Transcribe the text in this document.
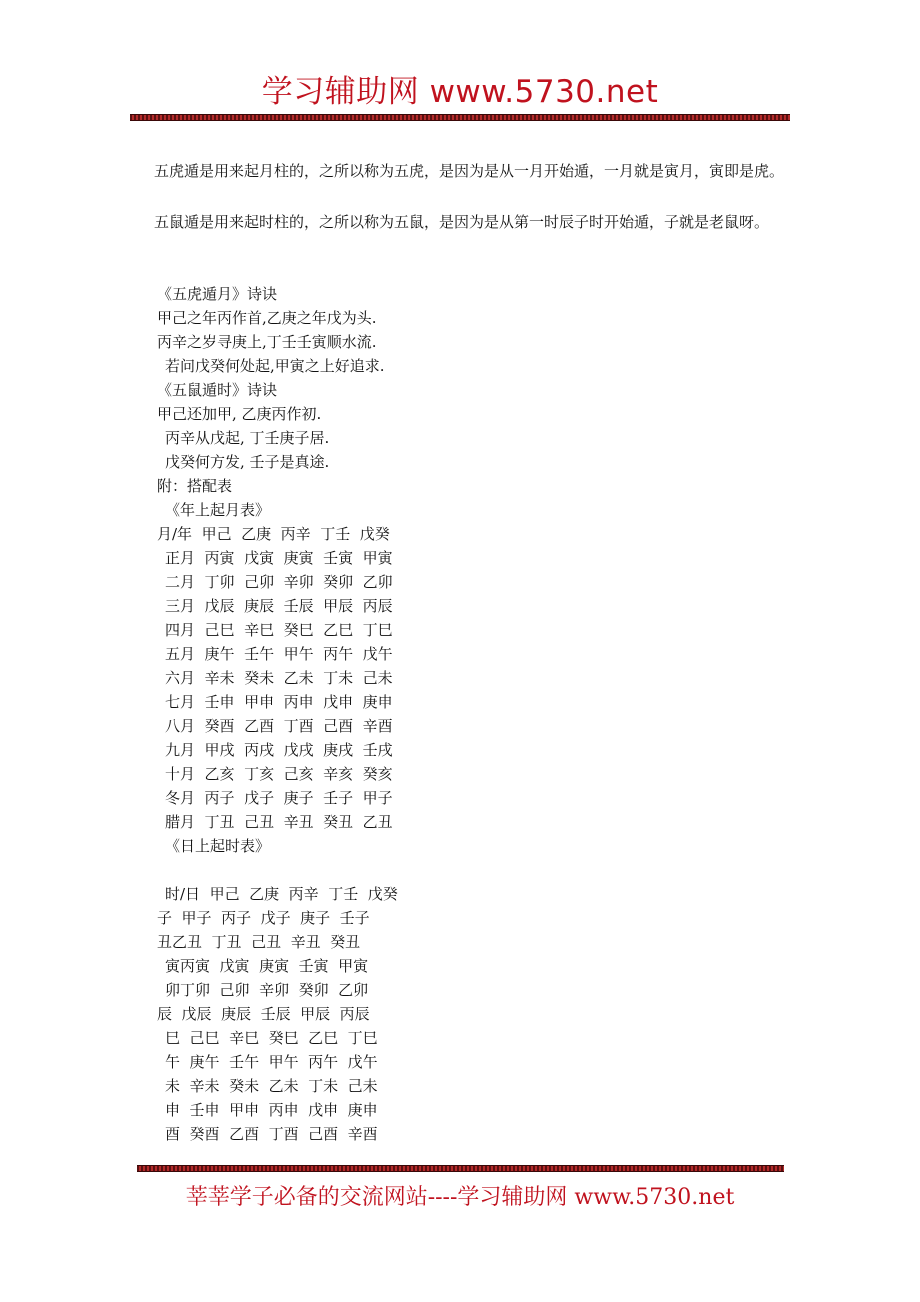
学习辅助网 www.5730.net

五虎遁是用来起月柱的，之所以称为五虎，是因为是从一月开始遁，一月就是寅月，寅即是虎。

五鼠遁是用来起时柱的，之所以称为五鼠，是因为是从第一时辰子时开始遁，子就是老鼠呀。

《五虎遁月》诗诀
甲己之年丙作首,乙庚之年戊为头.
丙辛之岁寻庚上,丁壬壬寅顺水流.
若问戊癸何处起,甲寅之上好追求.
《五鼠遁时》诗诀
甲己还加甲, 乙庚丙作初.
丙辛从戊起, 丁壬庚子居.
戊癸何方发, 壬子是真途.
附：搭配表
《年上起月表》
月/年  甲己  乙庚  丙辛  丁壬  戊癸
正月  丙寅  戊寅  庚寅  壬寅  甲寅
二月  丁卯  己卯  辛卯  癸卯  乙卯
三月  戊辰  庚辰  壬辰  甲辰  丙辰
四月  己巳  辛巳  癸巳  乙巳  丁巳
五月  庚午  壬午  甲午  丙午  戊午
六月  辛未  癸未  乙未  丁未  己未
七月  壬申  甲申  丙申  戊申  庚申
八月  癸酉  乙酉  丁酉  己酉  辛酉
九月  甲戌  丙戌  戊戌  庚戌  壬戌
十月  乙亥  丁亥  己亥  辛亥  癸亥
冬月  丙子  戊子  庚子  壬子  甲子
腊月  丁丑  己丑  辛丑  癸丑  乙丑
《日上起时表》
时/日  甲己  乙庚  丙辛  丁壬  戊癸
子  甲子  丙子  戊子  庚子  壬子
丑乙丑  丁丑  己丑  辛丑  癸丑
寅丙寅  戊寅  庚寅  壬寅  甲寅
卯丁卯  己卯  辛卯  癸卯  乙卯
辰  戊辰  庚辰  壬辰  甲辰  丙辰
巳  己巳  辛巳  癸巳  乙巳  丁巳
午  庚午  壬午  甲午  丙午  戊午
未  辛未  癸未  乙未  丁未  己未
申  壬申  甲申  丙申  戊申  庚申
酉  癸酉  乙酉  丁酉  己酉  辛酉
莘莘学子必备的交流网站----学习辅助网 www.5730.net
